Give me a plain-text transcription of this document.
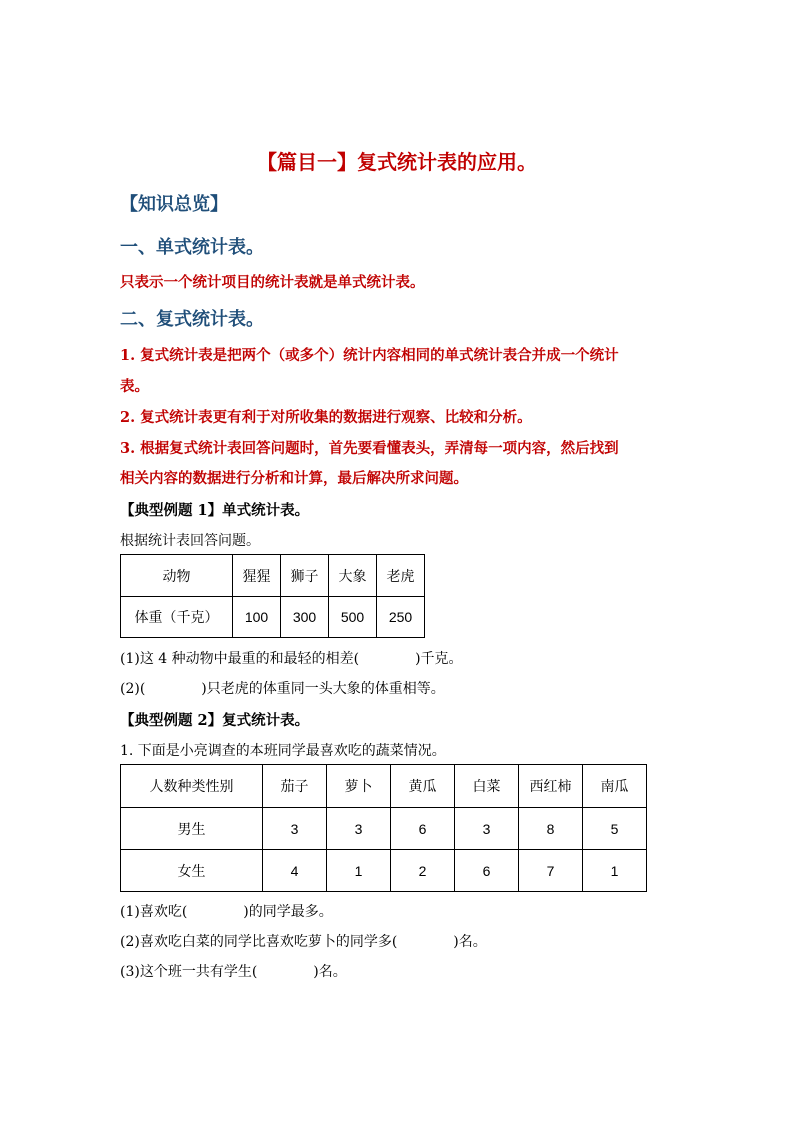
【篇目一】复式统计表的应用。
【知识总览】
一、单式统计表。
只表示一个统计项目的统计表就是单式统计表。
二、复式统计表。
1. 复式统计表是把两个（或多个）统计内容相同的单式统计表合并成一个统计
表。
2. 复式统计表更有利于对所收集的数据进行观察、比较和分析。
3. 根据复式统计表回答问题时，首先要看懂表头，弄清每一项内容，然后找到
相关内容的数据进行分析和计算，最后解决所求问题。
【典型例题 1】单式统计表。
根据统计表回答问题。
动物	猩猩	狮子	大象	老虎
体重（千克）	100	300	500	250
(1)这 4 种动物中最重的和最轻的相差(　　　　)千克。
(2)(　　　　)只老虎的体重同一头大象的体重相等。
【典型例题 2】复式统计表。
1. 下面是小亮调查的本班同学最喜欢吃的蔬菜情况。
人数种类性别	茄子	萝卜	黄瓜	白菜	西红柿	南瓜
男生	3	3	6	3	8	5
女生	4	1	2	6	7	1
(1)喜欢吃(　　　　)的同学最多。
(2)喜欢吃白菜的同学比喜欢吃萝卜的同学多(　　　　)名。
(3)这个班一共有学生(　　　　)名。
